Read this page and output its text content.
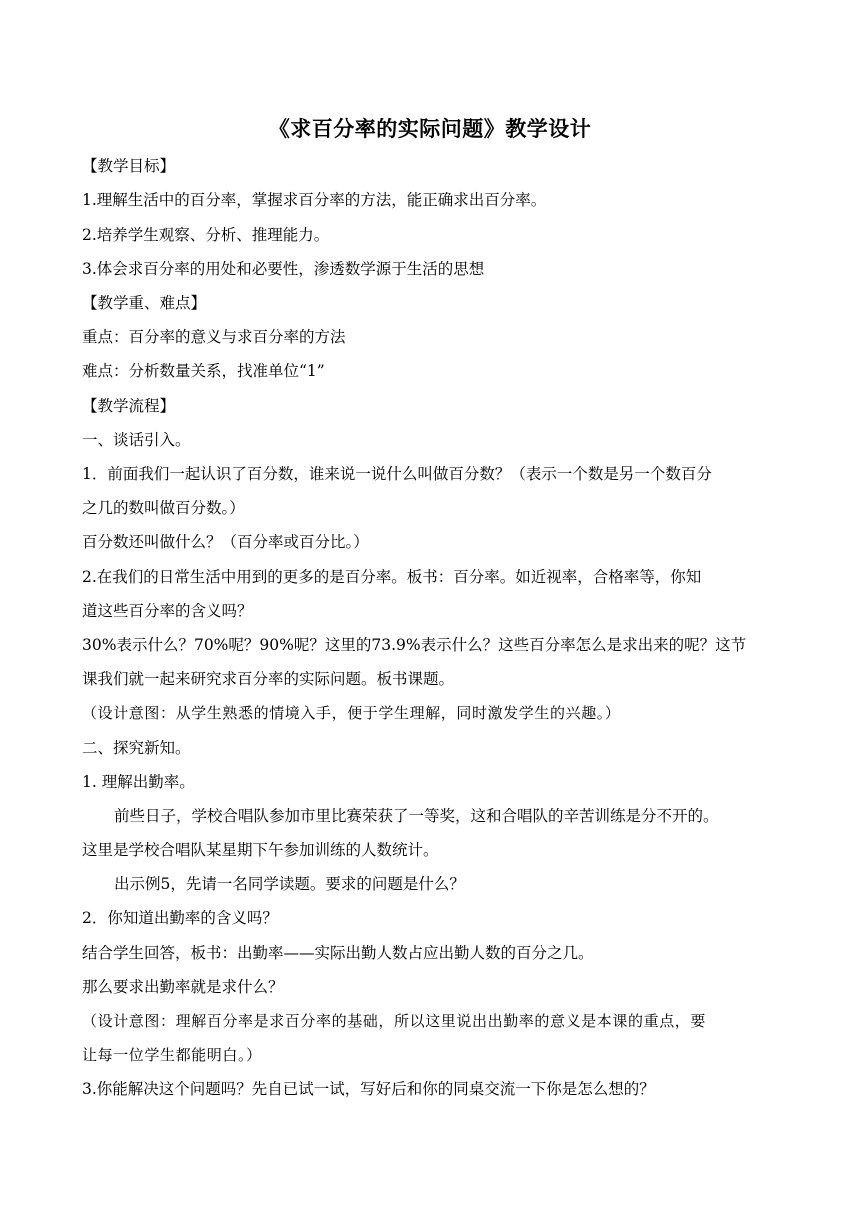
《求百分率的实际问题》教学设计
【教学目标】
1.理解生活中的百分率，掌握求百分率的方法，能正确求出百分率。
2.培养学生观察、分析、推理能力。
3.体会求百分率的用处和必要性，渗透数学源于生活的思想
【教学重、难点】
重点：百分率的意义与求百分率的方法
难点：分析数量关系，找准单位“1”
【教学流程】
一、谈话引入。
1．前面我们一起认识了百分数，谁来说一说什么叫做百分数？（表示一个数是另一个数百分
之几的数叫做百分数。）
百分数还叫做什么？（百分率或百分比。）
2.在我们的日常生活中用到的更多的是百分率。板书：百分率。如近视率，合格率等，你知
道这些百分率的含义吗？
30%表示什么？70%呢？90%呢？这里的73.9%表示什么？这些百分率怎么是求出来的呢？这节
课我们就一起来研究求百分率的实际问题。板书课题。
（设计意图：从学生熟悉的情境入手，便于学生理解，同时激发学生的兴趣。）
二、探究新知。
1. 理解出勤率。
前些日子，学校合唱队参加市里比赛荣获了一等奖，这和合唱队的辛苦训练是分不开的。
这里是学校合唱队某星期下午参加训练的人数统计。
出示例5，先请一名同学读题。要求的问题是什么？
2．你知道出勤率的含义吗？
结合学生回答，板书：出勤率——实际出勤人数占应出勤人数的百分之几。
那么要求出勤率就是求什么？
（设计意图：理解百分率是求百分率的基础，所以这里说出出勤率的意义是本课的重点，要
让每一位学生都能明白。）
3.你能解决这个问题吗？先自已试一试，写好后和你的同桌交流一下你是怎么想的？
